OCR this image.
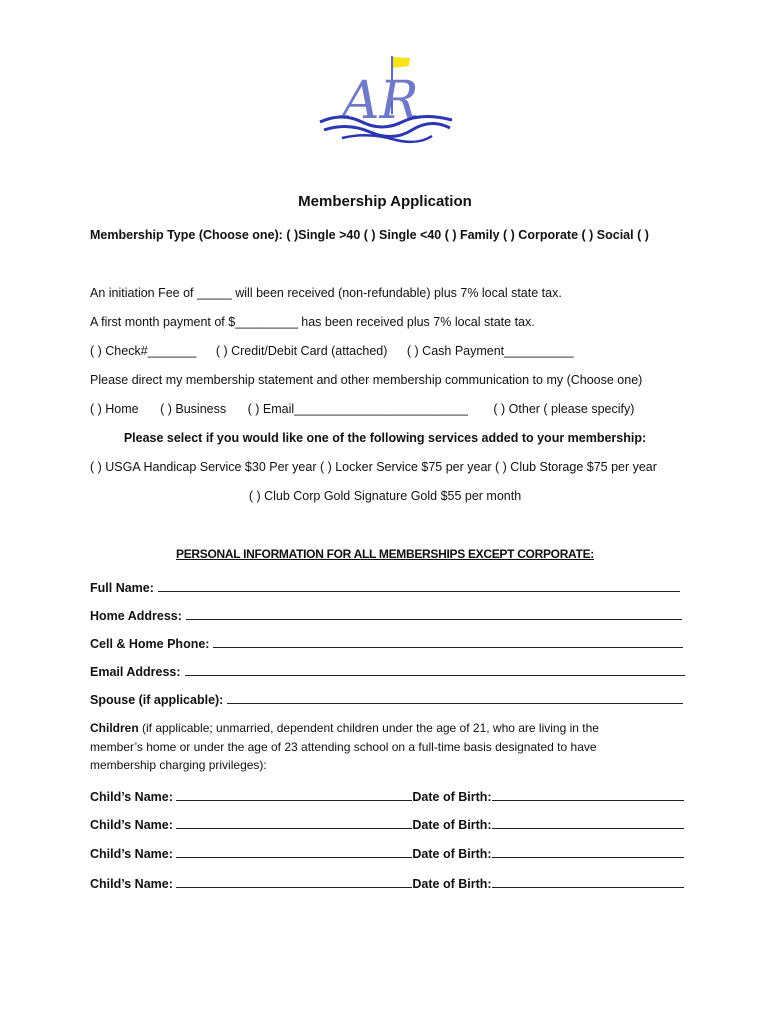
AR
Membership Application
Membership Type (Choose one): ( )Single >40 ( ) Single <40 ( ) Family ( ) Corporate ( ) Social ( )
An initiation Fee of _____ will been received (non-refundable) plus 7% local state tax.
A first month payment of $_________ has been received plus 7% local state tax.
( ) Check#_______ ( ) Credit/Debit Card (attached) ( ) Cash Payment__________
Please direct my membership statement and other membership communication to my (Choose one)
( ) Home ( ) Business ( ) Email_________________________ ( ) Other ( please specify)
Please select if you would like one of the following services added to your membership:
( ) USGA Handicap Service $30 Per year ( ) Locker Service $75 per year ( ) Club Storage $75 per year
( ) Club Corp Gold Signature Gold $55 per month
PERSONAL INFORMATION FOR ALL MEMBERSHIPS EXCEPT CORPORATE:
Full Name:
Home Address:
Cell & Home Phone:
Email Address:
Spouse (if applicable):
Children (if applicable; unmarried, dependent children under the age of 21, who are living in the member’s home or under the age of 23 attending school on a full-time basis designated to have membership charging privileges):
Child’s Name:	Date of Birth:
Child’s Name:	Date of Birth:
Child’s Name:	Date of Birth:
Child’s Name:	Date of Birth:
